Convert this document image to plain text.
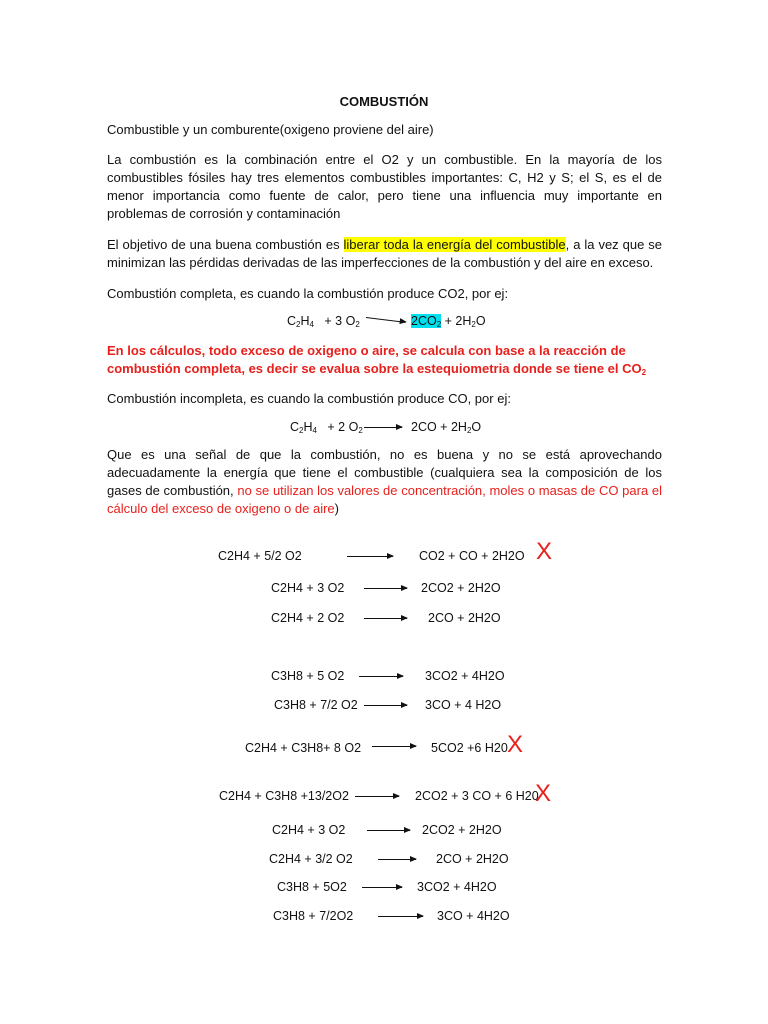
COMBUSTIÓN

Combustible y un comburente(oxigeno proviene del aire)

La combustión es la combinación entre el O2 y un combustible. En la mayoría de los combustibles fósiles hay tres elementos combustibles importantes: C, H2 y S; el S, es el de menor importancia como fuente de calor, pero tiene una influencia muy importante en problemas de corrosión y contaminación

El objetivo de una buena combustión es liberar toda la energía del combustible, a la vez que se minimizan las pérdidas derivadas de las imperfecciones de la combustión y del aire en exceso.

Combustión completa, es cuando la combustión produce CO2, por ej:

$C_2H_4 + 3$ $O_2$	$2CO_2 + 2H_2O$

En los cálculos, todo exceso de oxigeno o aire, se calcula con base a la reacción de combustión completa, es decir se evalua sobre la estequiometria donde se tiene el $CO_2$

Combustión incompleta, es cuando la combustión produce CO, por ej:

$C_2H_4 + 2$ $O_2 \to 2CO + 2H_2O$

Que es una señal de que la combustión, no es buena y no se está aprovechando adecuadamente la energía que tiene el combustible (cualquiera sea la composición de los gases de combustión, no se utilizan los valores de concentración, moles o masas de CO para el cálculo del exceso de oxigeno o de aire)

C2H4 + 5/2 O2	CO2 + CO + 2H2O X
C2H4 + 3 O2 → 2CO2 + 2H2O
C2H4 + 2 O2	2CO + 2H2O
C3H8 + 5 O2 → 3CO2 + 4H2O
C3H8 + 7/2 O2 → 3CO + 4 H2O
C2H4 + C3H8+ 8 O2 → 5CO2 +6 H20 X
C2H4 + C3H8 +13/2O2 → 2CO2 + 3 CO + 6 H20
X
C2H4 + 3 O2 → 2CO2 + 2H2O
C2H4 + 3/2 O2	2CO + 2H2O
C3H8 + 5O2 → 3CO2 + 4H2O
C3H8 + 7/2O2 → 3CO + 4H2O
